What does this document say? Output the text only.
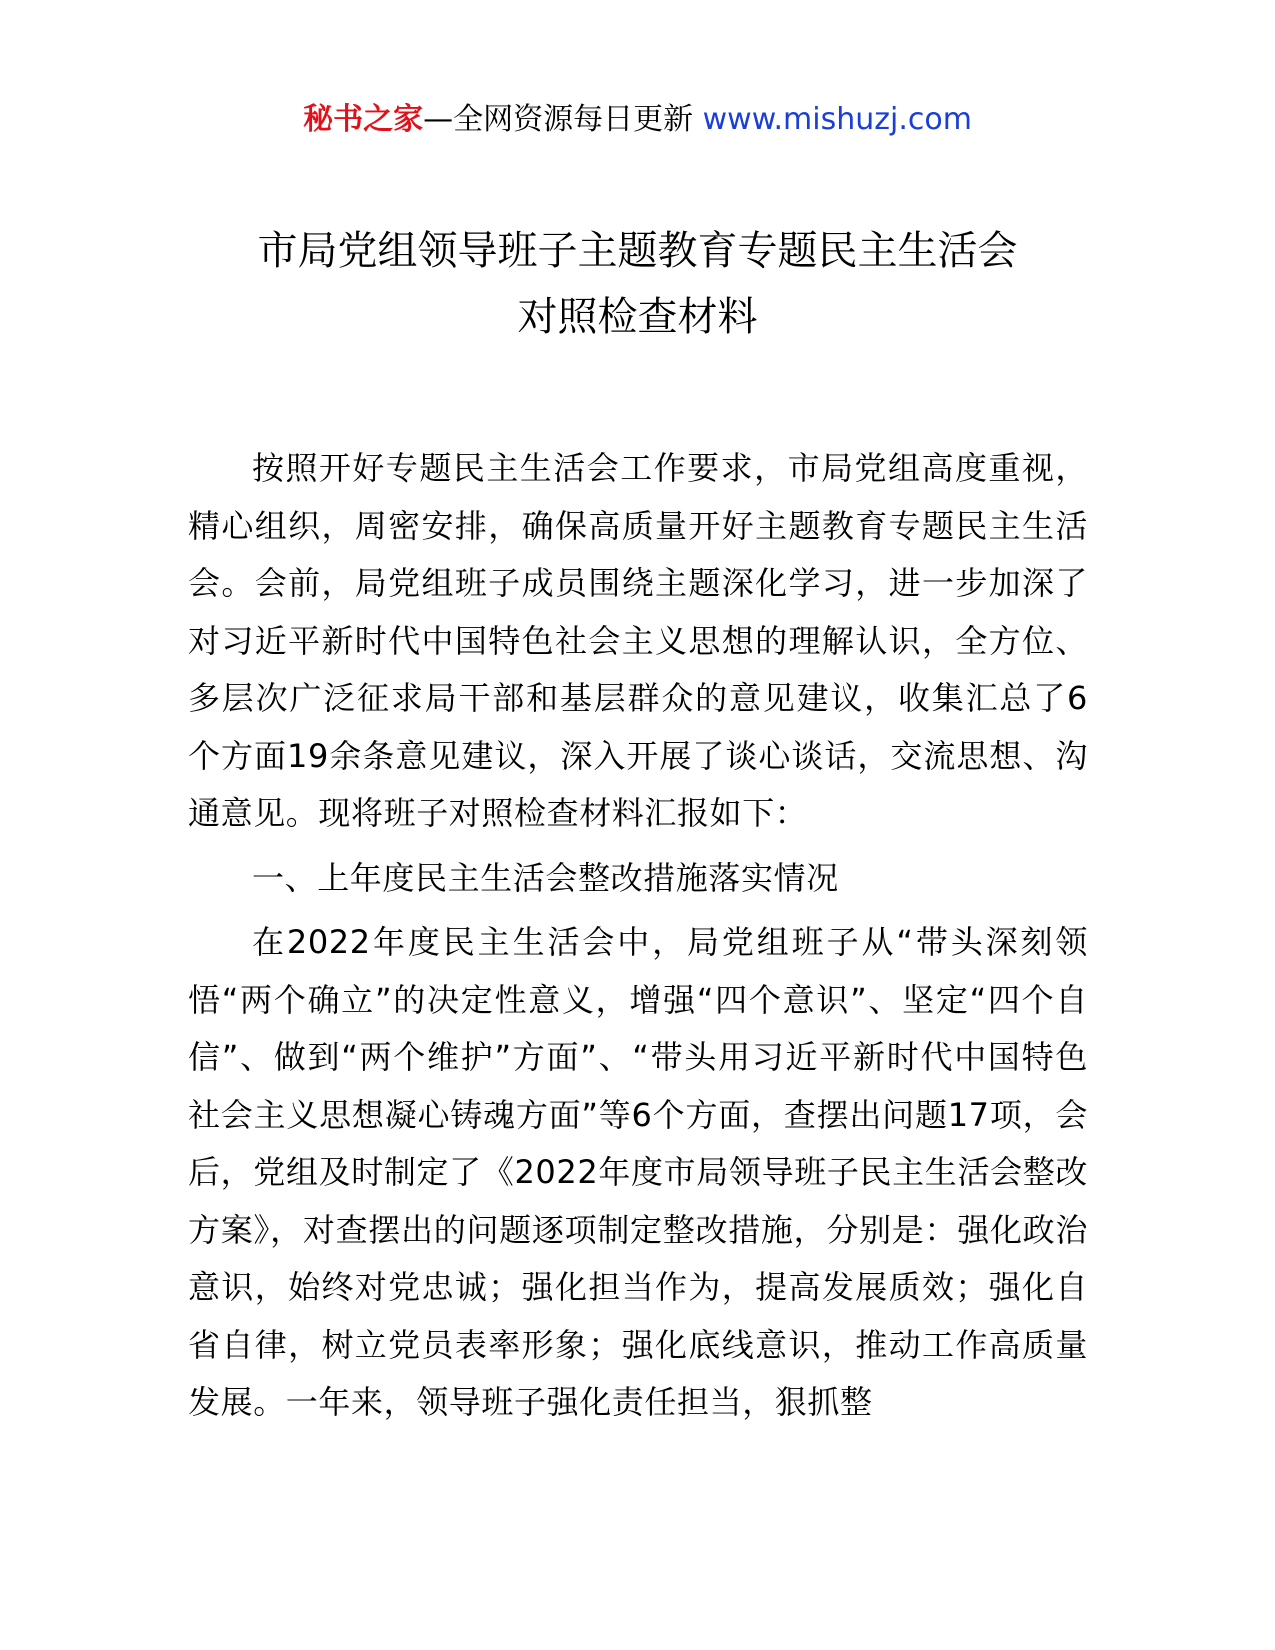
秘书之家—全网资源每日更新 www.mishuzj.com
市局党组领导班子主题教育专题民主生活会
对照检查材料

按照开好专题民主生活会工作要求，市局党组高度重视，精心组织，周密安排，确保高质量开好主题教育专题民主生活会。会前，局党组班子成员围绕主题深化学习，进一步加深了对习近平新时代中国特色社会主义思想的理解认识，全方位、多层次广泛征求局干部和基层群众的意见建议，收集汇总了6个方面19余条意见建议，深入开展了谈心谈话，交流思想、沟通意见。现将班子对照检查材料汇报如下：

一、上年度民主生活会整改措施落实情况

在2022年度民主生活会中，局党组班子从“带头深刻领悟“两个确立”的决定性意义，增强“四个意识”、坚定“四个自信”、做到“两个维护”方面”、“带头用习近平新时代中国特色社会主义思想凝心铸魂方面”等6个方面，查摆出问题17项，会后，党组及时制定了《2022年度市局领导班子民主生活会整改方案》，对查摆出的问题逐项制定整改措施，分别是：强化政治意识，始终对党忠诚；强化担当作为，提高发展质效；强化自省自律，树立党员表率形象；强化底线意识，推动工作高质量发展。一年来，领导班子强化责任担当，狠抓整
